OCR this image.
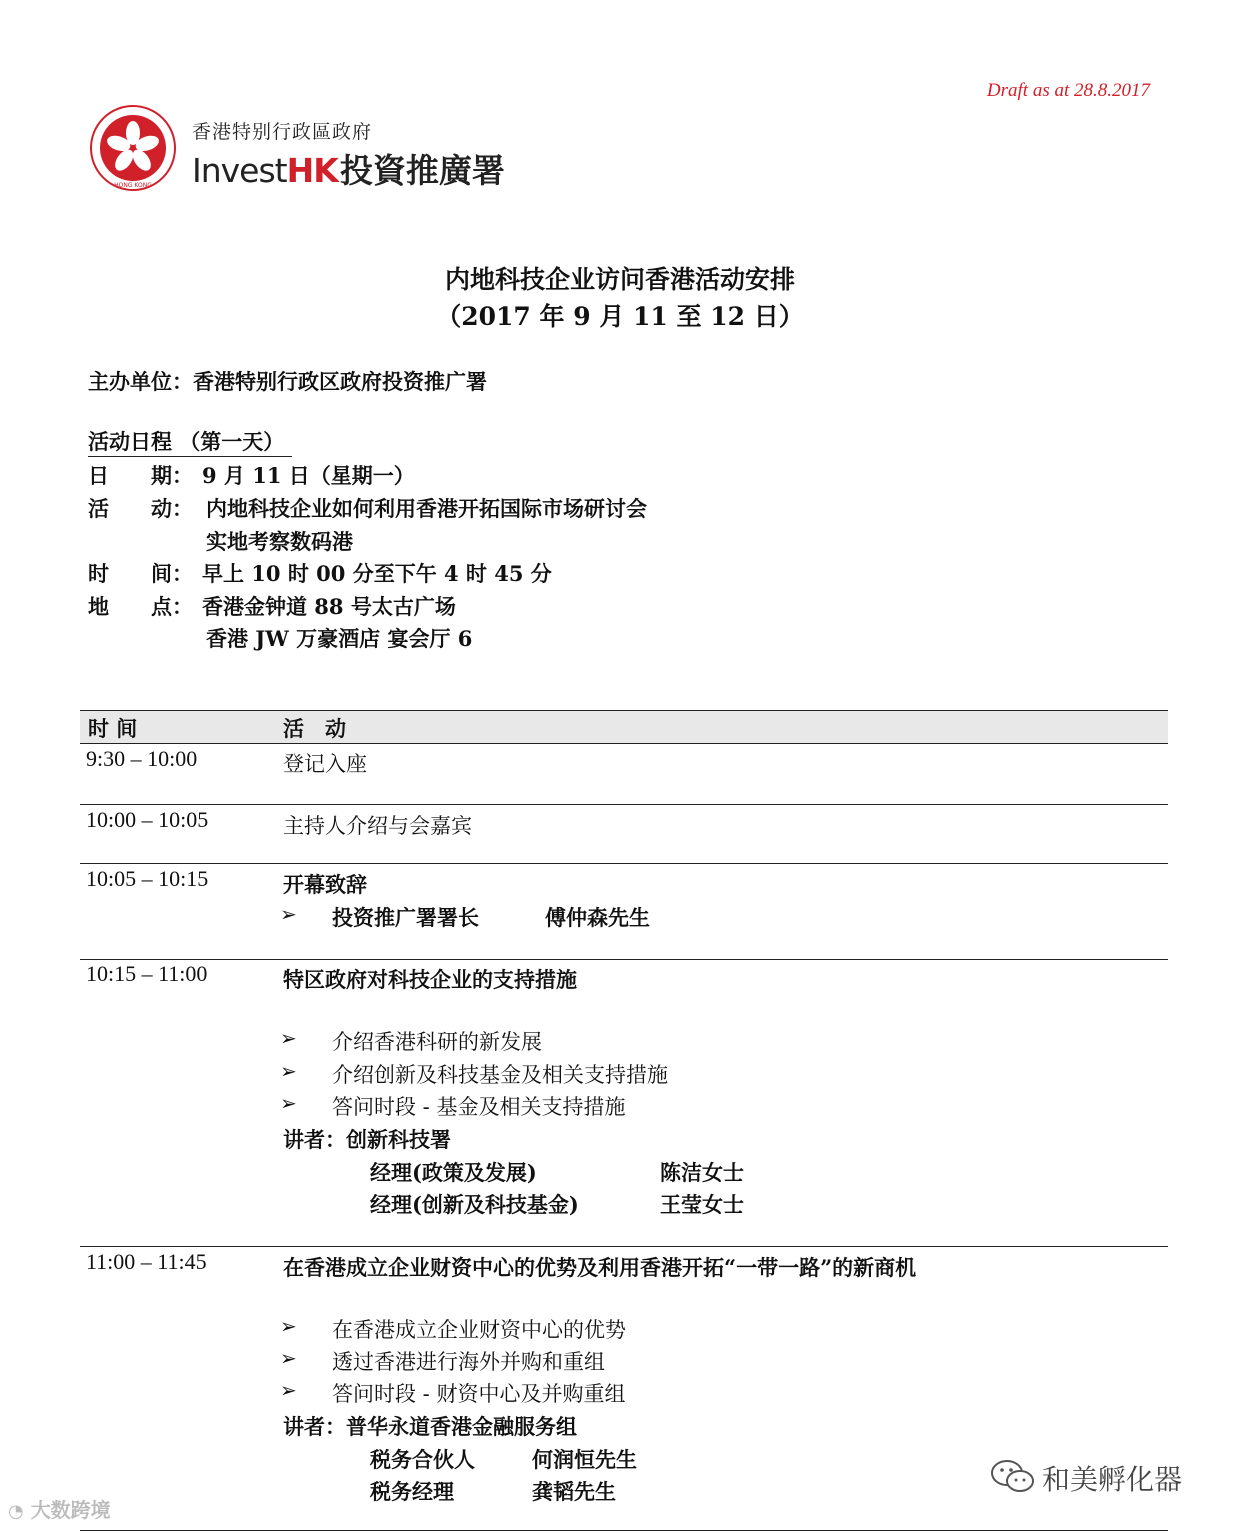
Draft as at 28.8.2017
HONG KONG
香港特别行政區政府
InvestHK投資推廣署
内地科技企业访问香港活动安排
（2017 年 9 月 11 至 12 日）
主办单位：香港特别行政区政府投资推广署
活动日程 （第一天）
日　　期： 9 月 11 日（星期一）
活　　动： 内地科技企业如何利用香港开拓国际市场研讨会
实地考察数码港
时　　间： 早上 10 时 00 分至下午 4 时 45 分
地　　点： 香港金钟道 88 号太古广场
香港 JW 万豪酒店 宴会厅 6
时 间	活　动
9:30 – 10:00	登记入座
10:00 – 10:05	主持人介绍与会嘉宾
10:05 – 10:15	开幕致辞
➢ 投资推广署署长	傅仲森先生
10:15 – 11:00	特区政府对科技企业的支持措施
➢ 介绍香港科研的新发展
➢ 介绍创新及科技基金及相关支持措施
➢ 答问时段 - 基金及相关支持措施
讲者：创新科技署
经理(政策及发展)	陈洁女士
经理(创新及科技基金)	王莹女士
11:00 – 11:45	在香港成立企业财资中心的优势及利用香港开拓“一带一路”的新商机
➢ 在香港成立企业财资中心的优势
➢ 透过香港进行海外并购和重组
➢ 答问时段 - 财资中心及并购重组
讲者：普华永道香港金融服务组
税务合伙人	何润恒先生
税务经理	龚韬先生
◔ 大数跨境
和美孵化器
